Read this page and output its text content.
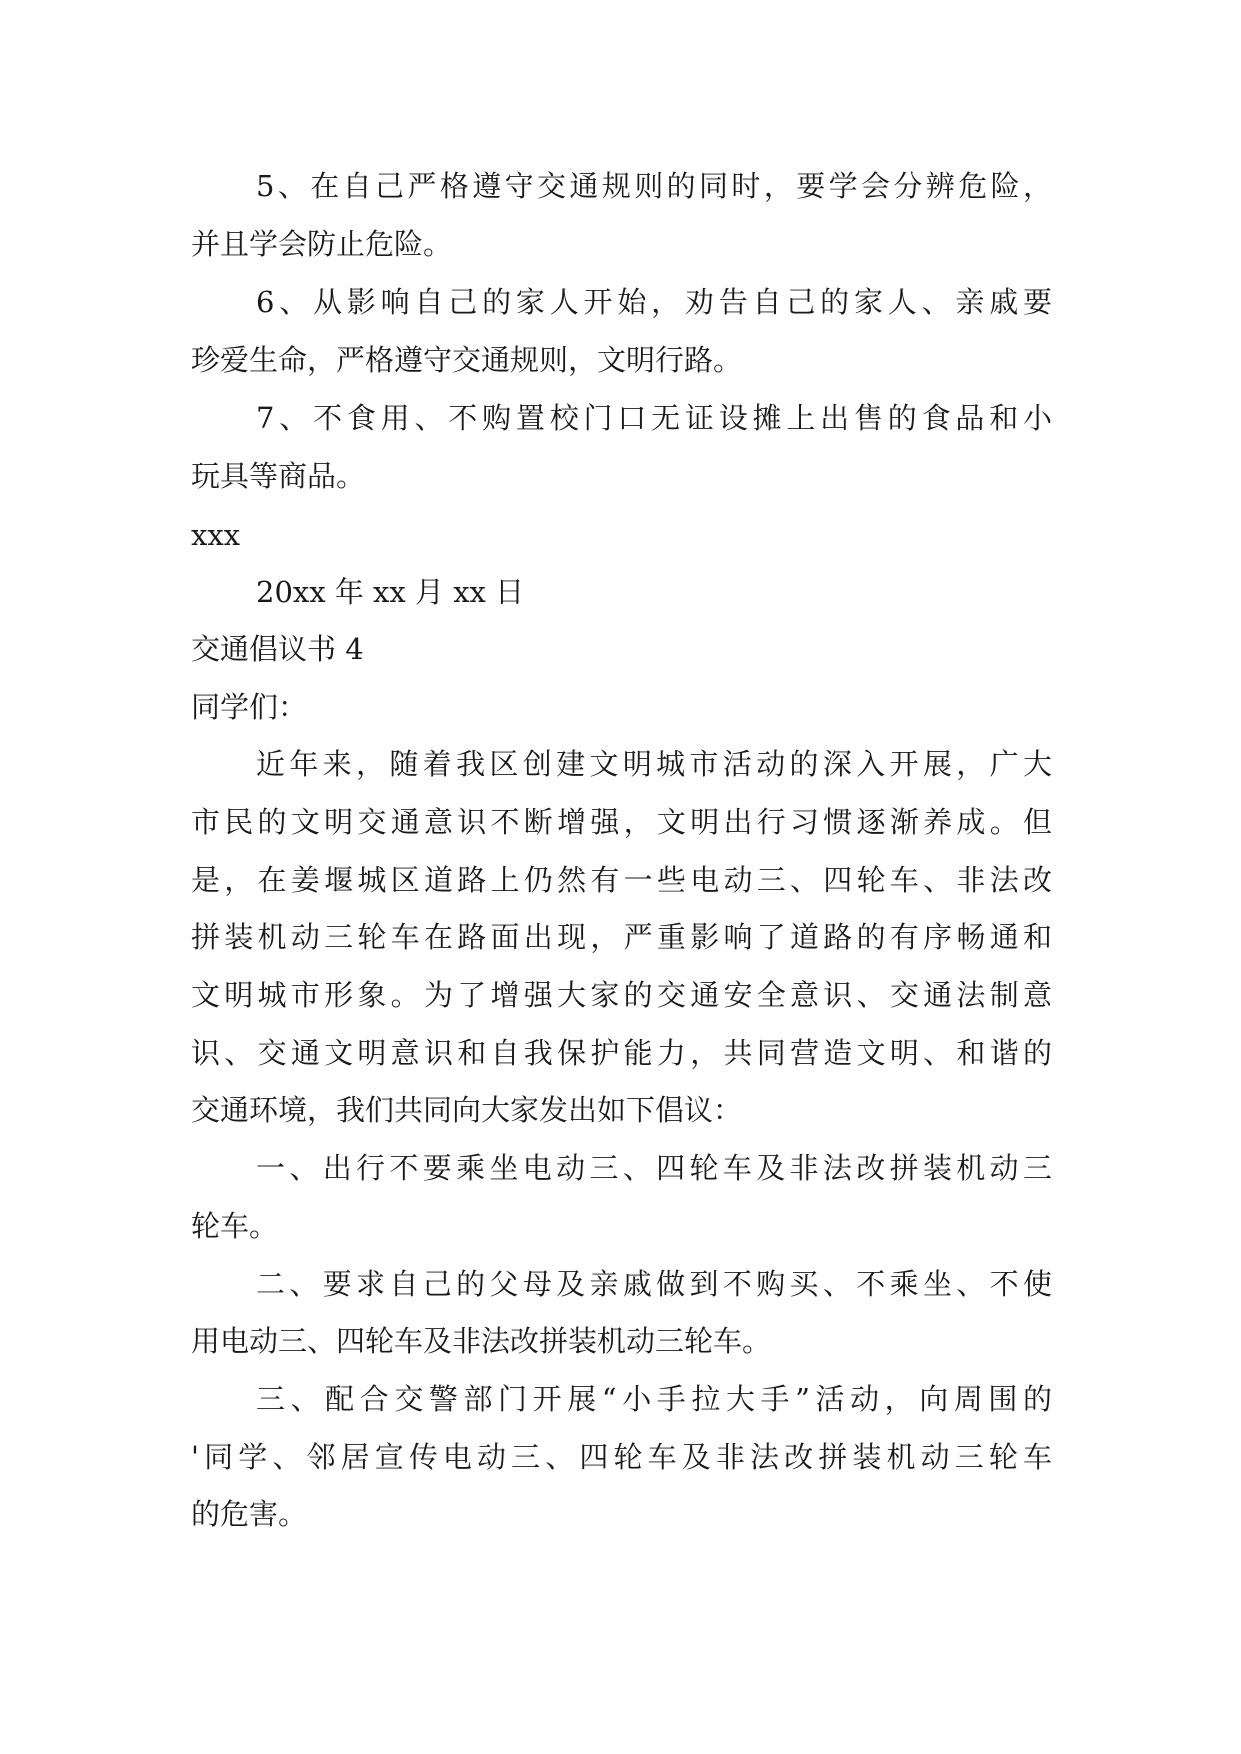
5、在自己严格遵守交通规则的同时，要学会分辨危险，
并且学会防止危险。
6、从影响自己的家人开始，劝告自己的家人、亲戚要
珍爱生命，严格遵守交通规则，文明行路。
7、不食用、不购置校门口无证设摊上出售的食品和小
玩具等商品。
xxx
20xx 年 xx 月 xx 日
交通倡议书 4
同学们：
近年来，随着我区创建文明城市活动的深入开展，广大
市民的文明交通意识不断增强，文明出行习惯逐渐养成。但
是，在姜堰城区道路上仍然有一些电动三、四轮车、非法改
拼装机动三轮车在路面出现，严重影响了道路的有序畅通和
文明城市形象。为了增强大家的交通安全意识、交通法制意
识、交通文明意识和自我保护能力，共同营造文明、和谐的
交通环境，我们共同向大家发出如下倡议：
一、出行不要乘坐电动三、四轮车及非法改拼装机动三
轮车。
二、要求自己的父母及亲戚做到不购买、不乘坐、不使
用电动三、四轮车及非法改拼装机动三轮车。
三、配合交警部门开展“小手拉大手”活动，向周围的
'同学、邻居宣传电动三、四轮车及非法改拼装机动三轮车
的危害。
